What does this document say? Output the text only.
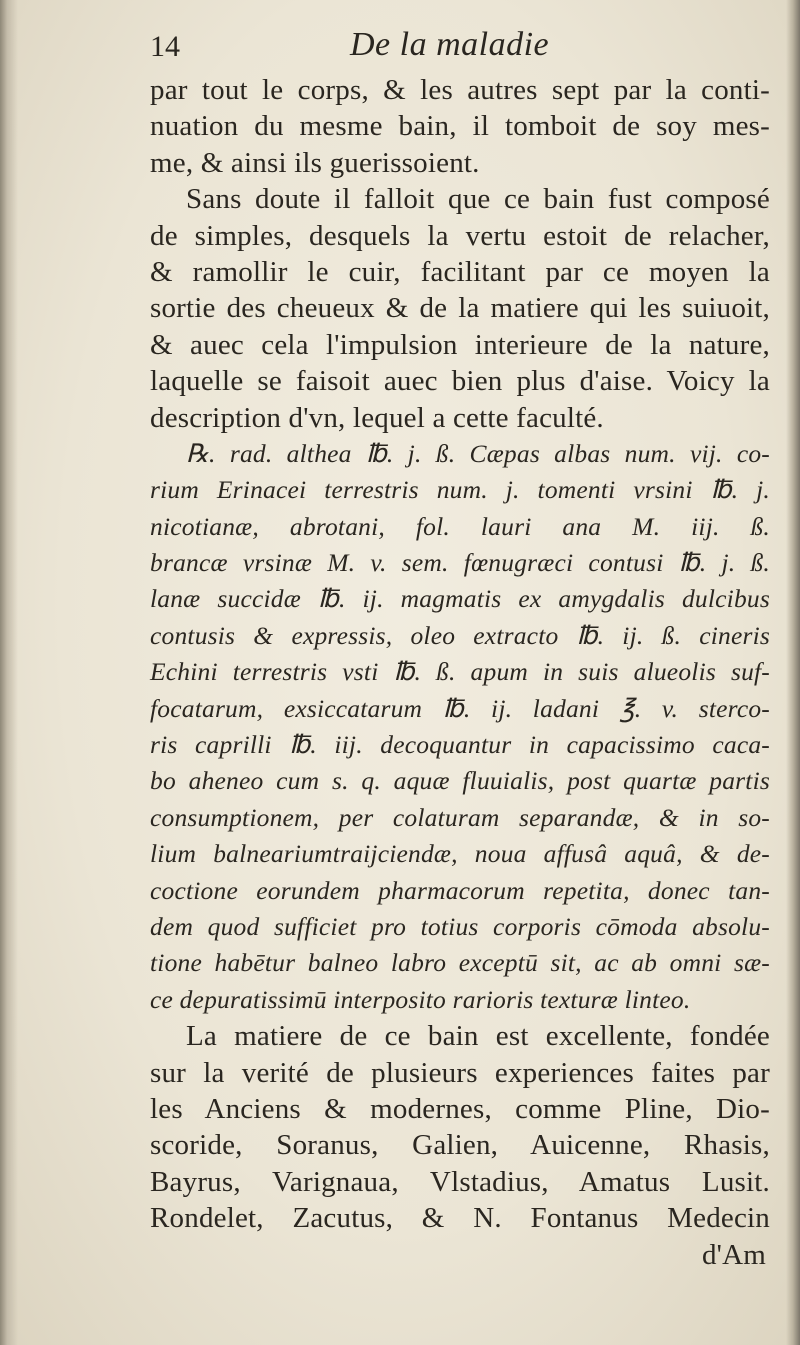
14	De la maladie
par tout le corps, & les autres sept par la conti-
nuation du mesme bain, il tomboit de soy mes-
me, & ainsi ils guerissoient.
Sans doute il falloit que ce bain fust composé
de simples, desquels la vertu estoit de relacher,
& ramollir le cuir, facilitant par ce moyen la
sortie des cheueux & de la matiere qui les suiuoit,
& auec cela l'impulsion interieure de la nature,
laquelle se faisoit auec bien plus d'aise. Voicy la
description d'vn, lequel a cette faculté.
℞. rad. althea ℔. j. ß. Cæpas albas num. vij. co-
rium Erinacei terrestris num. j. tomenti vrsini ℔. j.
nicotianæ, abrotani, fol. lauri ana M. iij. ß.
brancæ vrsinæ M. v. sem. fœnugræci contusi ℔. j. ß.
lanæ succidæ ℔. ij. magmatis ex amygdalis dulcibus
contusis & expressis, oleo extracto ℔. ij. ß. cineris
Echini terrestris vsti ℔. ß. apum in suis alueolis suf-
focatarum, exsiccatarum ℔. ij. ladani ℥. v. sterco-
ris caprilli ℔. iij. decoquantur in capacissimo caca-
bo aheneo cum s. q. aquæ fluuialis, post quartæ partis
consumptionem, per colaturam separandæ, & in so-
lium balneariumtraijciendæ, noua affusâ aquâ, & de-
coctione eorundem pharmacorum repetita, donec tan-
dem quod sufficiet pro totius corporis cōmoda absolu-
tione habētur balneo labro exceptū sit, ac ab omni sæ-
ce depuratissimū interposito rarioris texturæ linteo.
La matiere de ce bain est excellente, fondée
sur la verité de plusieurs experiences faites par
les Anciens & modernes, comme Pline, Dio-
scoride, Soranus, Galien, Auicenne, Rhasis,
Bayrus, Varignaua, Vlstadius, Amatus Lusit.
Rondelet, Zacutus, & N. Fontanus Medecin
d'Am
